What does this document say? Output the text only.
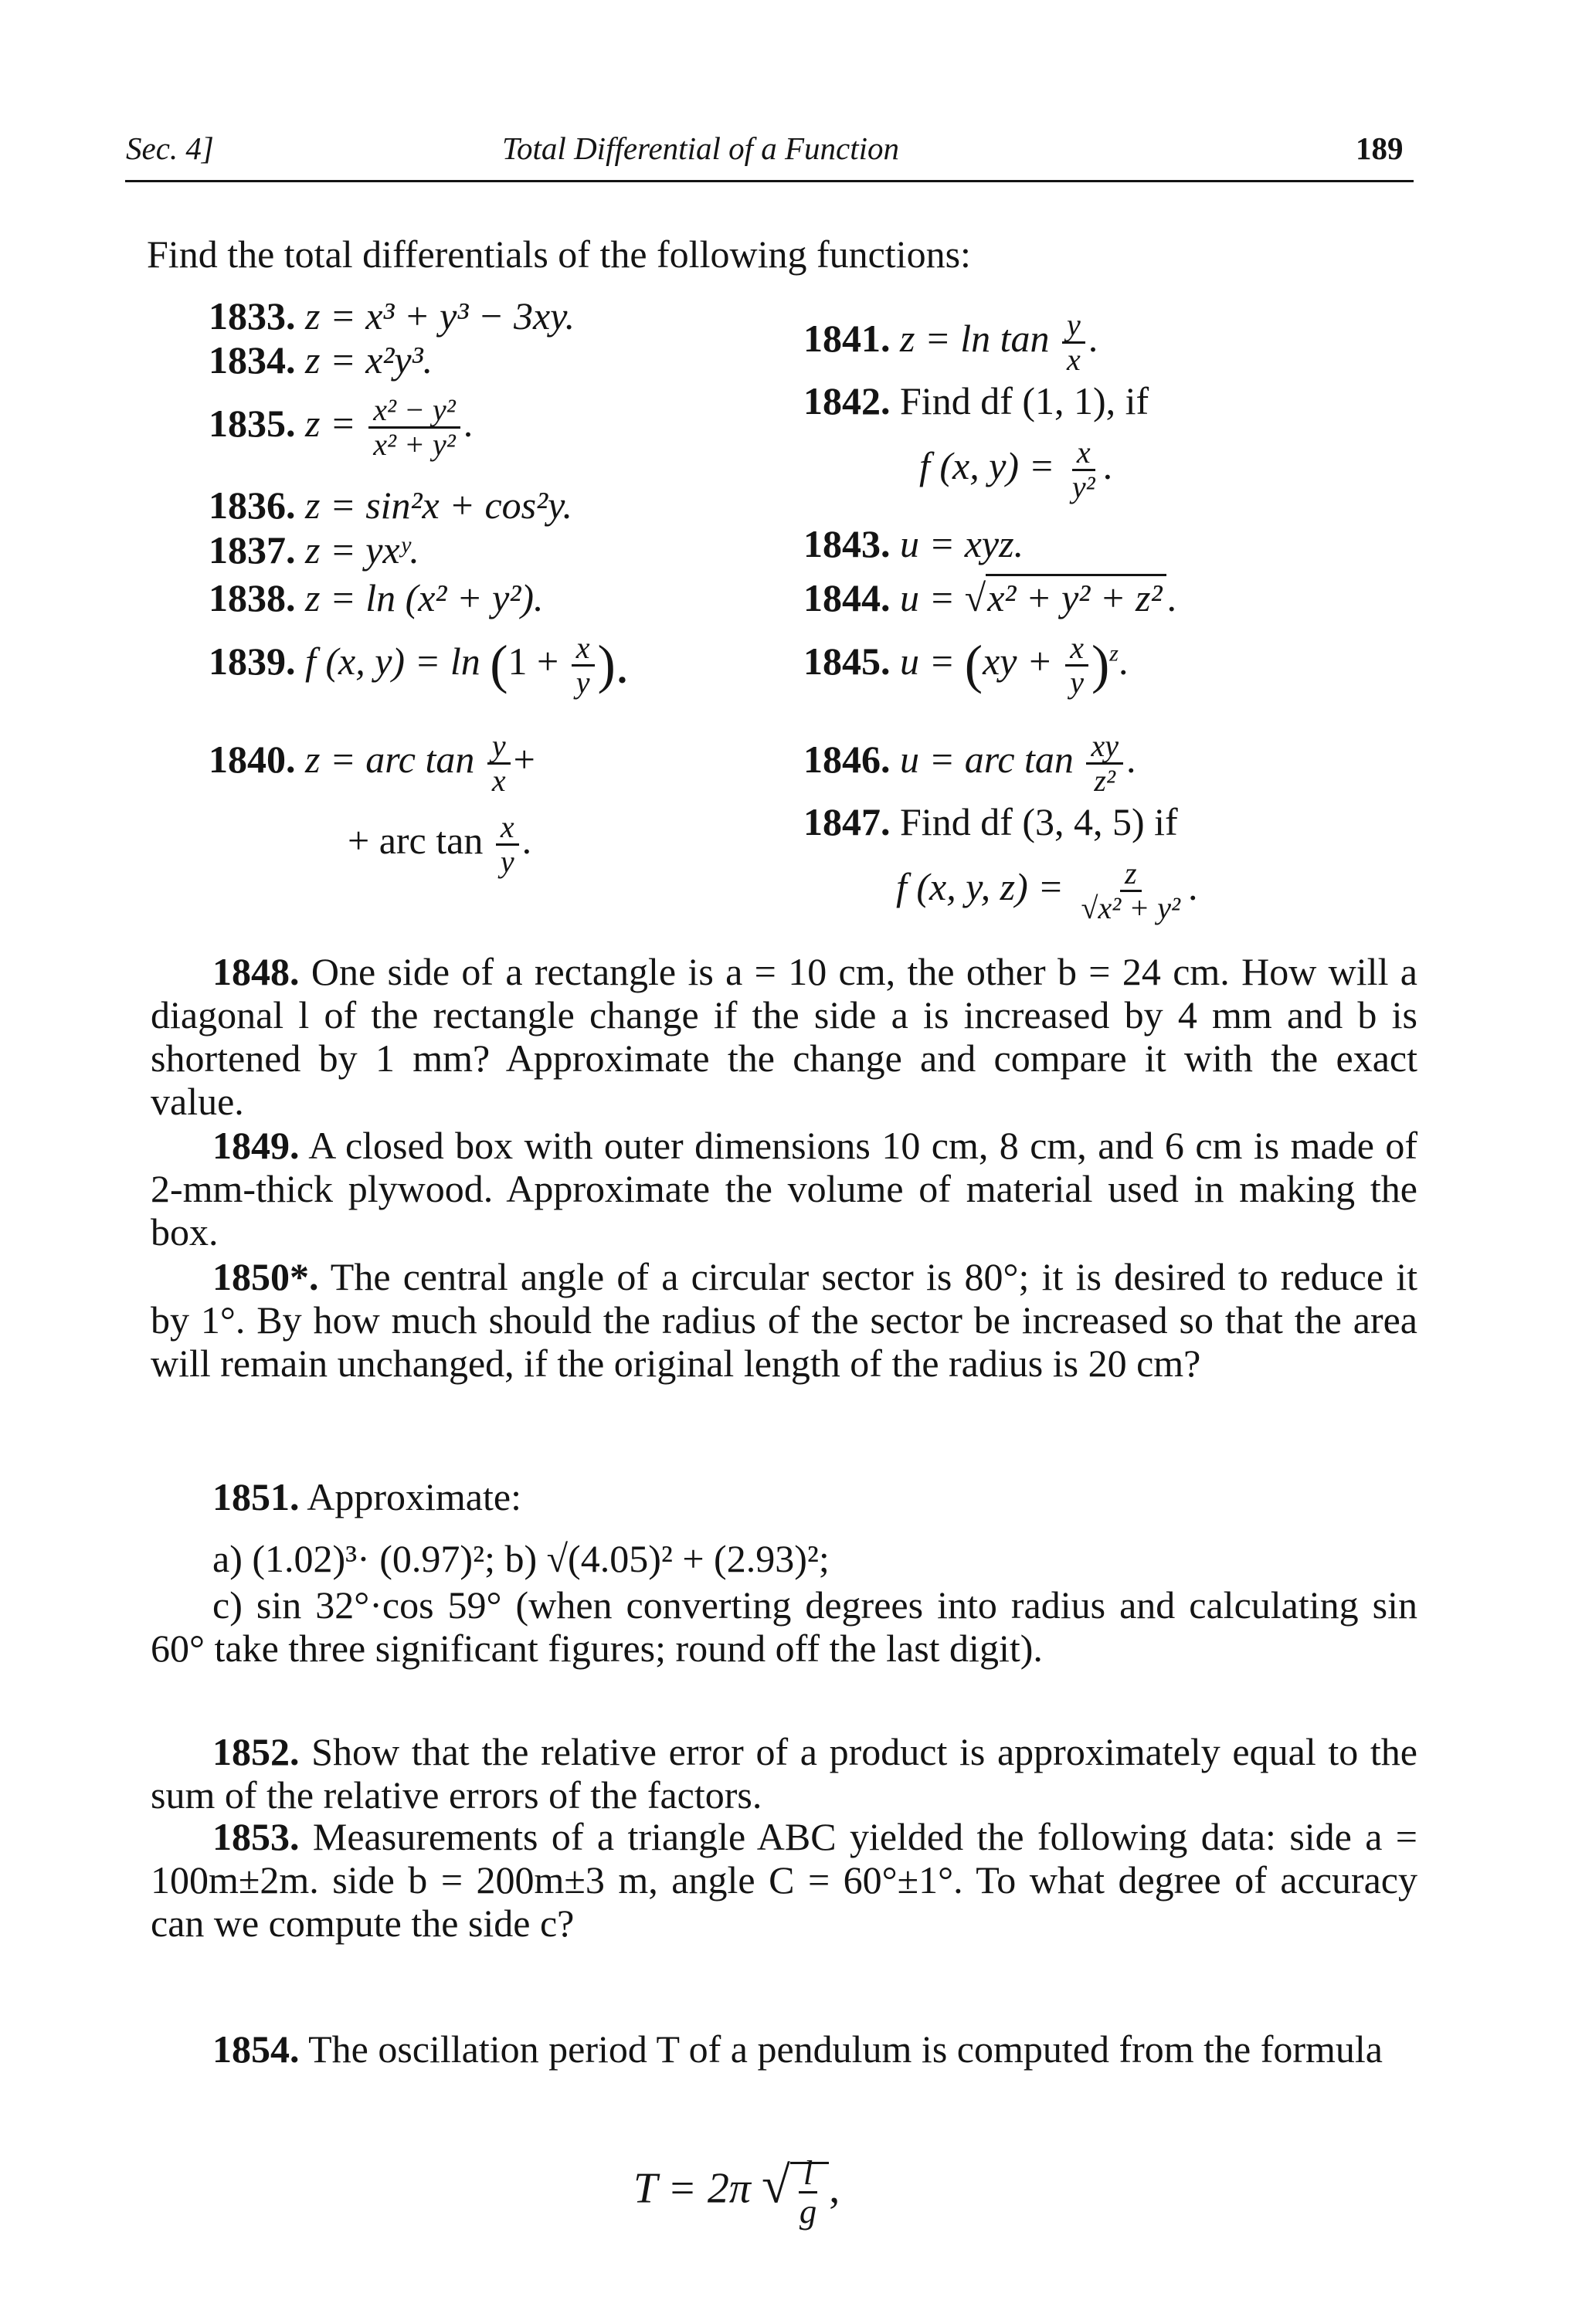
Sec. 4]	Total Differential of a Function	189
Find the total differentials of the following functions:
1833. z = x³ + y³ − 3xy.
1834. z = x²y³.
1835. $z = \frac{\text{x² − y²}}{\text{x² + y²}}$ .
1836. z = sin²x + cos²y.
1837. z = yxʸ.
1838. z = ln (x² + y²).
1839. f (x, $y) = \ln (1 + \frac{x}{y}$ ).
1840. z = arc $\tan \frac{y}{x}$ +
+ arc $\tan \frac{x}{y}$ .
1841. $z = \ln \tan \frac{y}{x}$ .
1842. Find df (1, 1), if
f (x, $y) = \frac{x}{\text{y²}}$ .
1843. u = xyz.
1844. u = √x² + y² + z² .
1845. $u = (xy + \frac{x}{y} )^z$.
1846. u = arc $\tan \frac{xy}{\text{z²}}$ .
1847. Find df (3, 4, 5) if
f (x, y, $z) = \frac{z}{\text{√x² + y²}}$ .

1848. One side of a rectangle is a = 10 cm, the other b = 24 cm. How will a diagonal l of the rectangle change if the side a is increased by 4 mm and b is shortened by 1 mm? Approximate the change and compare it with the exact value.

1849. A closed box with outer dimensions 10 cm, 8 cm, and 6 cm is made of 2-mm-thick plywood. Approximate the volume of material used in making the box.

1850*. The central angle of a circular sector is 80°; it is desired to reduce it by 1°. By how much should the radius of the sector be increased so that the area will remain unchanged, if the original length of the radius is 20 cm?

1851. Approximate:

a) (1.02)³· (0.97)²; b) √(4.05)² + (2.93)²;

c) sin 32°·cos 59° (when converting degrees into radius and calculating sin 60° take three significant figures; round off the last digit).

1852. Show that the relative error of a product is approximately equal to the sum of the relative errors of the factors.

1853. Measurements of a triangle ABC yielded the following data: side a = 100m±2m. side b = 200m±3 m, angle C = 60°±1°. To what degree of accuracy can we compute the side c?

1854. The oscillation period T of a pendulum is computed from the formula

T = 2π √ $\frac{l}{g}$ ,
